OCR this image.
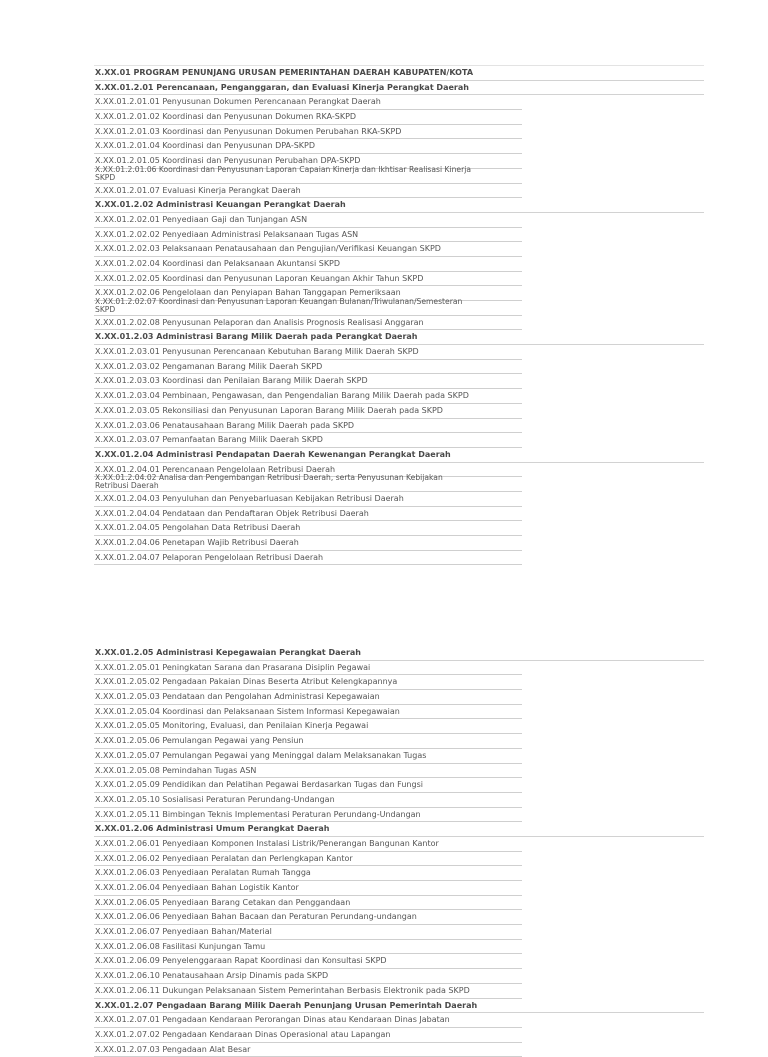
X.XX.01 PROGRAM PENUNJANG URUSAN PEMERINTAHAN DAERAH KABUPATEN/KOTA
X.XX.01.2.01 Perencanaan, Penganggaran, dan Evaluasi Kinerja Perangkat Daerah
X.XX.01.2.01.01 Penyusunan Dokumen Perencanaan Perangkat Daerah
X.XX.01.2.01.02 Koordinasi dan Penyusunan Dokumen RKA-SKPD
X.XX.01.2.01.03 Koordinasi dan Penyusunan Dokumen Perubahan RKA-SKPD
X.XX.01.2.01.04 Koordinasi dan Penyusunan DPA-SKPD
X.XX.01.2.01.05 Koordinasi dan Penyusunan Perubahan DPA-SKPD
X.XX.01.2.01.06 Koordinasi dan Penyusunan Laporan Capaian Kinerja dan Ikhtisar Realisasi Kinerja SKPD
X.XX.01.2.01.07 Evaluasi Kinerja Perangkat Daerah
X.XX.01.2.02 Administrasi Keuangan Perangkat Daerah
X.XX.01.2.02.01 Penyediaan Gaji dan Tunjangan ASN
X.XX.01.2.02.02 Penyediaan Administrasi Pelaksanaan Tugas ASN
X.XX.01.2.02.03 Pelaksanaan Penatausahaan dan Pengujian/Verifikasi Keuangan SKPD
X.XX.01.2.02.04 Koordinasi dan Pelaksanaan Akuntansi SKPD
X.XX.01.2.02.05 Koordinasi dan Penyusunan Laporan Keuangan Akhir Tahun SKPD
X.XX.01.2.02.06 Pengelolaan dan Penyiapan Bahan Tanggapan Pemeriksaan
X.XX.01.2.02.07 Koordinasi dan Penyusunan Laporan Keuangan Bulanan/Triwulanan/Semesteran SKPD
X.XX.01.2.02.08 Penyusunan Pelaporan dan Analisis Prognosis Realisasi Anggaran
X.XX.01.2.03 Administrasi Barang Milik Daerah pada Perangkat Daerah
X.XX.01.2.03.01 Penyusunan Perencanaan Kebutuhan Barang Milik Daerah SKPD
X.XX.01.2.03.02 Pengamanan Barang Milik Daerah SKPD
X.XX.01.2.03.03 Koordinasi dan Penilaian Barang Milik Daerah SKPD
X.XX.01.2.03.04 Pembinaan, Pengawasan, dan Pengendalian Barang Milik Daerah pada SKPD
X.XX.01.2.03.05 Rekonsiliasi dan Penyusunan Laporan Barang Milik Daerah pada SKPD
X.XX.01.2.03.06 Penatausahaan Barang Milik Daerah pada SKPD
X.XX.01.2.03.07 Pemanfaatan Barang Milik Daerah SKPD
X.XX.01.2.04 Administrasi Pendapatan Daerah Kewenangan Perangkat Daerah
X.XX.01.2.04.01 Perencanaan Pengelolaan Retribusi Daerah
X.XX.01.2.04.02 Analisa dan Pengembangan Retribusi Daerah, serta Penyusunan Kebijakan Retribusi Daerah
X.XX.01.2.04.03 Penyuluhan dan Penyebarluasan Kebijakan Retribusi Daerah
X.XX.01.2.04.04 Pendataan dan Pendaftaran Objek Retribusi Daerah
X.XX.01.2.04.05 Pengolahan Data Retribusi Daerah
X.XX.01.2.04.06 Penetapan Wajib Retribusi Daerah
X.XX.01.2.04.07 Pelaporan Pengelolaan Retribusi Daerah
X.XX.01.2.05 Administrasi Kepegawaian Perangkat Daerah
X.XX.01.2.05.01 Peningkatan Sarana dan Prasarana Disiplin Pegawai
X.XX.01.2.05.02 Pengadaan Pakaian Dinas Beserta Atribut Kelengkapannya
X.XX.01.2.05.03 Pendataan dan Pengolahan Administrasi Kepegawaian
X.XX.01.2.05.04 Koordinasi dan Pelaksanaan Sistem Informasi Kepegawaian
X.XX.01.2.05.05 Monitoring, Evaluasi, dan Penilaian Kinerja Pegawai
X.XX.01.2.05.06 Pemulangan Pegawai yang Pensiun
X.XX.01.2.05.07 Pemulangan Pegawai yang Meninggal dalam Melaksanakan Tugas
X.XX.01.2.05.08 Pemindahan Tugas ASN
X.XX.01.2.05.09 Pendidikan dan Pelatihan Pegawai Berdasarkan Tugas dan Fungsi
X.XX.01.2.05.10 Sosialisasi Peraturan Perundang-Undangan
X.XX.01.2.05.11 Bimbingan Teknis Implementasi Peraturan Perundang-Undangan
X.XX.01.2.06 Administrasi Umum Perangkat Daerah
X.XX.01.2.06.01 Penyediaan Komponen Instalasi Listrik/Penerangan Bangunan Kantor
X.XX.01.2.06.02 Penyediaan Peralatan dan Perlengkapan Kantor
X.XX.01.2.06.03 Penyediaan Peralatan Rumah Tangga
X.XX.01.2.06.04 Penyediaan Bahan Logistik Kantor
X.XX.01.2.06.05 Penyediaan Barang Cetakan dan Penggandaan
X.XX.01.2.06.06 Penyediaan Bahan Bacaan dan Peraturan Perundang-undangan
X.XX.01.2.06.07 Penyediaan Bahan/Material
X.XX.01.2.06.08 Fasilitasi Kunjungan Tamu
X.XX.01.2.06.09 Penyelenggaraan Rapat Koordinasi dan Konsultasi SKPD
X.XX.01.2.06.10 Penatausahaan Arsip Dinamis pada SKPD
X.XX.01.2.06.11 Dukungan Pelaksanaan Sistem Pemerintahan Berbasis Elektronik pada SKPD
X.XX.01.2.07 Pengadaan Barang Milik Daerah Penunjang Urusan Pemerintah Daerah
X.XX.01.2.07.01 Pengadaan Kendaraan Perorangan Dinas atau Kendaraan Dinas Jabatan
X.XX.01.2.07.02 Pengadaan Kendaraan Dinas Operasional atau Lapangan
X.XX.01.2.07.03 Pengadaan Alat Besar
